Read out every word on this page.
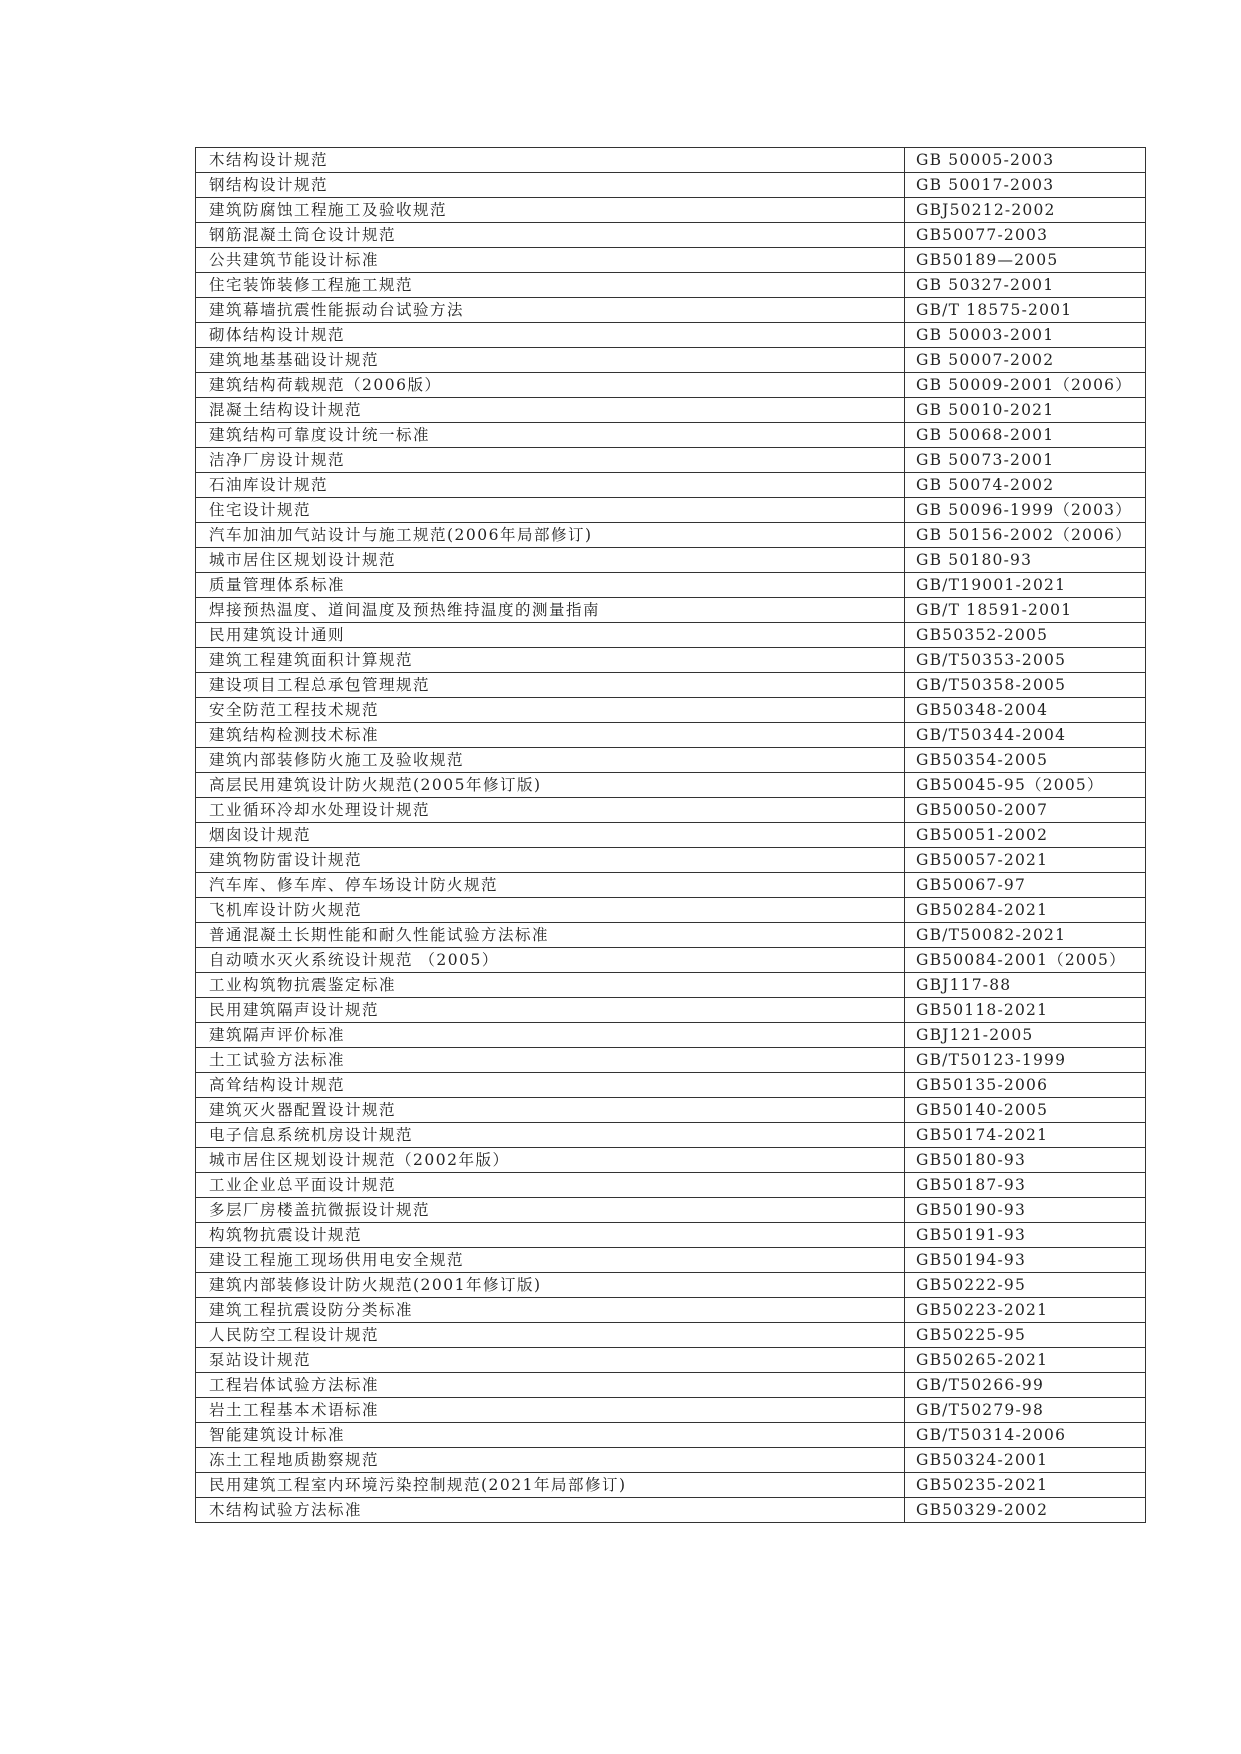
木结构设计规范	GB 50005-2003
钢结构设计规范	GB 50017-2003
建筑防腐蚀工程施工及验收规范	GBJ50212-2002
钢筋混凝土筒仓设计规范	GB50077-2003
公共建筑节能设计标准	GB50189—2005
住宅装饰装修工程施工规范	GB 50327-2001
建筑幕墙抗震性能振动台试验方法	GB/T 18575-2001
砌体结构设计规范	GB 50003-2001
建筑地基基础设计规范	GB 50007-2002
建筑结构荷载规范（2006版）	GB 50009-2001（2006）
混凝土结构设计规范	GB 50010-2021
建筑结构可靠度设计统一标准	GB 50068-2001
洁净厂房设计规范	GB 50073-2001
石油库设计规范	GB 50074-2002
住宅设计规范	GB 50096-1999（2003）
汽车加油加气站设计与施工规范(2006年局部修订)	GB 50156-2002（2006）
城市居住区规划设计规范	GB 50180-93
质量管理体系标准	GB/T19001-2021
焊接预热温度、道间温度及预热维持温度的测量指南	GB/T 18591-2001
民用建筑设计通则	GB50352-2005
建筑工程建筑面积计算规范	GB/T50353-2005
建设项目工程总承包管理规范	GB/T50358-2005
安全防范工程技术规范	GB50348-2004
建筑结构检测技术标准	GB/T50344-2004
建筑内部装修防火施工及验收规范	GB50354-2005
高层民用建筑设计防火规范(2005年修订版)	GB50045-95（2005）
工业循环冷却水处理设计规范	GB50050-2007
烟囱设计规范	GB50051-2002
建筑物防雷设计规范	GB50057-2021
汽车库、修车库、停车场设计防火规范	GB50067-97
飞机库设计防火规范	GB50284-2021
普通混凝土长期性能和耐久性能试验方法标准	GB/T50082-2021
自动喷水灭火系统设计规范 （2005）	GB50084-2001（2005）
工业构筑物抗震鉴定标准	GBJ117-88
民用建筑隔声设计规范	GB50118-2021
建筑隔声评价标准	GBJ121-2005
土工试验方法标准	GB/T50123-1999
高耸结构设计规范	GB50135-2006
建筑灭火器配置设计规范	GB50140-2005
电子信息系统机房设计规范	GB50174-2021
城市居住区规划设计规范（2002年版）	GB50180-93
工业企业总平面设计规范	GB50187-93
多层厂房楼盖抗微振设计规范	GB50190-93
构筑物抗震设计规范	GB50191-93
建设工程施工现场供用电安全规范	GB50194-93
建筑内部装修设计防火规范(2001年修订版)	GB50222-95
建筑工程抗震设防分类标准	GB50223-2021
人民防空工程设计规范	GB50225-95
泵站设计规范	GB50265-2021
工程岩体试验方法标准	GB/T50266-99
岩土工程基本术语标准	GB/T50279-98
智能建筑设计标准	GB/T50314-2006
冻土工程地质勘察规范	GB50324-2001
民用建筑工程室内环境污染控制规范(2021年局部修订)	GB50235-2021
木结构试验方法标准	GB50329-2002
